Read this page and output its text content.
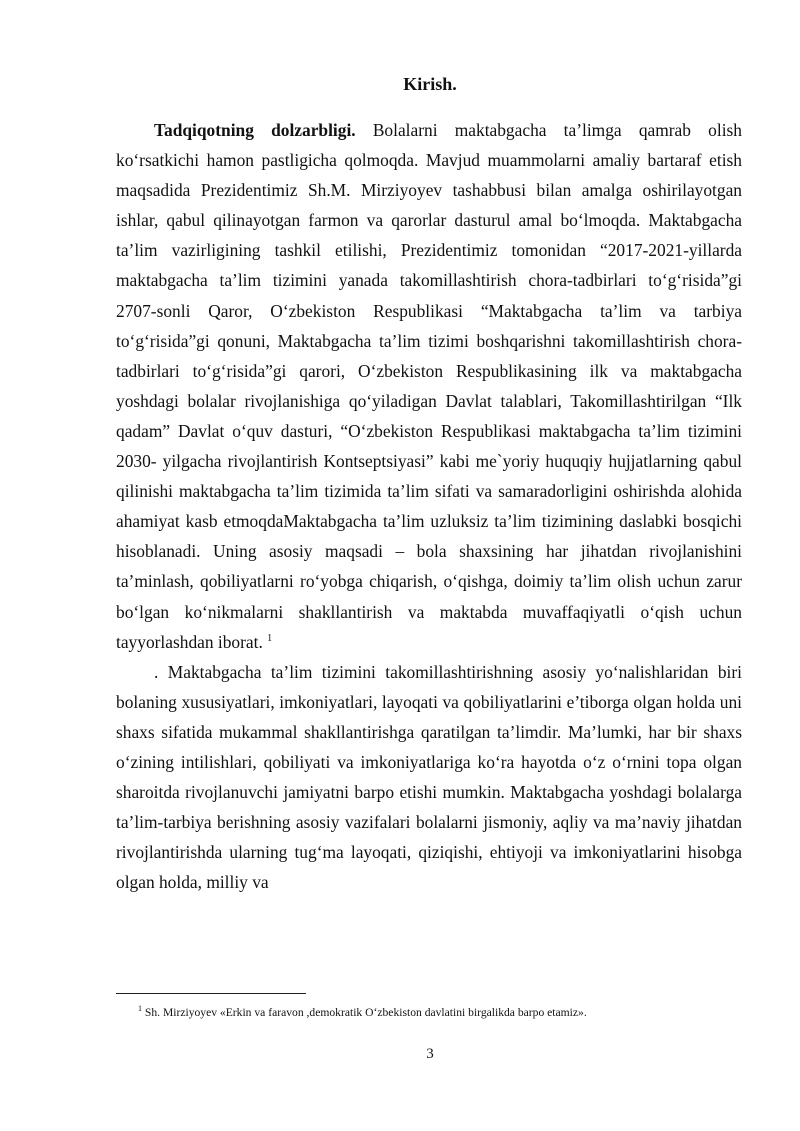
Kirish.

Tadqiqotning dolzarbligi. Bolalarni maktabgacha ta’limga qamrab olish ko‘rsatkichi hamon pastligicha qolmoqda. Mavjud muammolarni amaliy bartaraf etish maqsadida Prezidentimiz Sh.M. Mirziyoyev tashabbusi bilan amalga oshirilayotgan ishlar, qabul qilinayotgan farmon va qarorlar dasturul amal bo‘lmoqda. Maktabgacha ta’lim vazirligining tashkil etilishi, Prezidentimiz tomonidan “2017-2021-yillarda maktabgacha ta’lim tizimini yanada takomillashtirish chora-tadbirlari to‘g‘risida”gi 2707-sonli Qaror, O‘zbekiston Respublikasi “Maktabgacha ta’lim va tarbiya to‘g‘risida”gi qonuni, Maktabgacha ta’lim tizimi boshqarishni takomillashtirish chora-tadbirlari to‘g‘risida”gi qarori, O‘zbekiston Respublikasining ilk va maktabgacha yoshdagi bolalar rivojlanishiga qo‘yiladigan Davlat talablari, Takomillashtirilgan “Ilk qadam” Davlat o‘quv dasturi, “O‘zbekiston Respublikasi maktabgacha ta’lim tizimini 2030- yilgacha rivojlantirish Kontseptsiyasi” kabi me`yoriy huquqiy hujjatlarning qabul qilinishi maktabgacha ta’lim tizimida ta’lim sifati va samaradorligini oshirishda alohida ahamiyat kasb etmoqdaMaktabgacha ta’lim uzluksiz ta’lim tizimining daslabki bosqichi hisoblanadi. Uning asosiy maqsadi – bola shaxsining har jihatdan rivojlanishini ta’minlash, qobiliyatlarni ro‘yobga chiqarish, o‘qishga, doimiy ta’lim olish uchun zarur bo‘lgan ko‘nikmalarni shakllantirish va maktabda muvaffaqiyatli o‘qish uchun tayyorlashdan iborat. $^1$

. Maktabgacha ta’lim tizimini takomillashtirishning asosiy yo‘nalishlaridan biri bolaning xususiyatlari, imkoniyatlari, layoqati va qobiliyatlarini e’tiborga olgan holda uni shaxs sifatida mukammal shakllantirishga qaratilgan ta’limdir. Ma’lumki, har bir shaxs o‘zining intilishlari, qobiliyati va imkoniyatlariga ko‘ra hayotda o‘z o‘rnini topa olgan sharoitda rivojlanuvchi jamiyatni barpo etishi mumkin. Maktabgacha yoshdagi bolalarga ta’lim-tarbiya berishning asosiy vazifalari bolalarni jismoniy, aqliy va ma’naviy jihatdan rivojlantirishda ularning tug‘ma layoqati, qiziqishi, ehtiyoji va imkoniyatlarini hisobga olgan holda, milliy va

$^1$ Sh. Mirziyoyev «Erkin va faravon ,demokratik O‘zbekiston davlatini birgalikda barpo etamiz».
3
